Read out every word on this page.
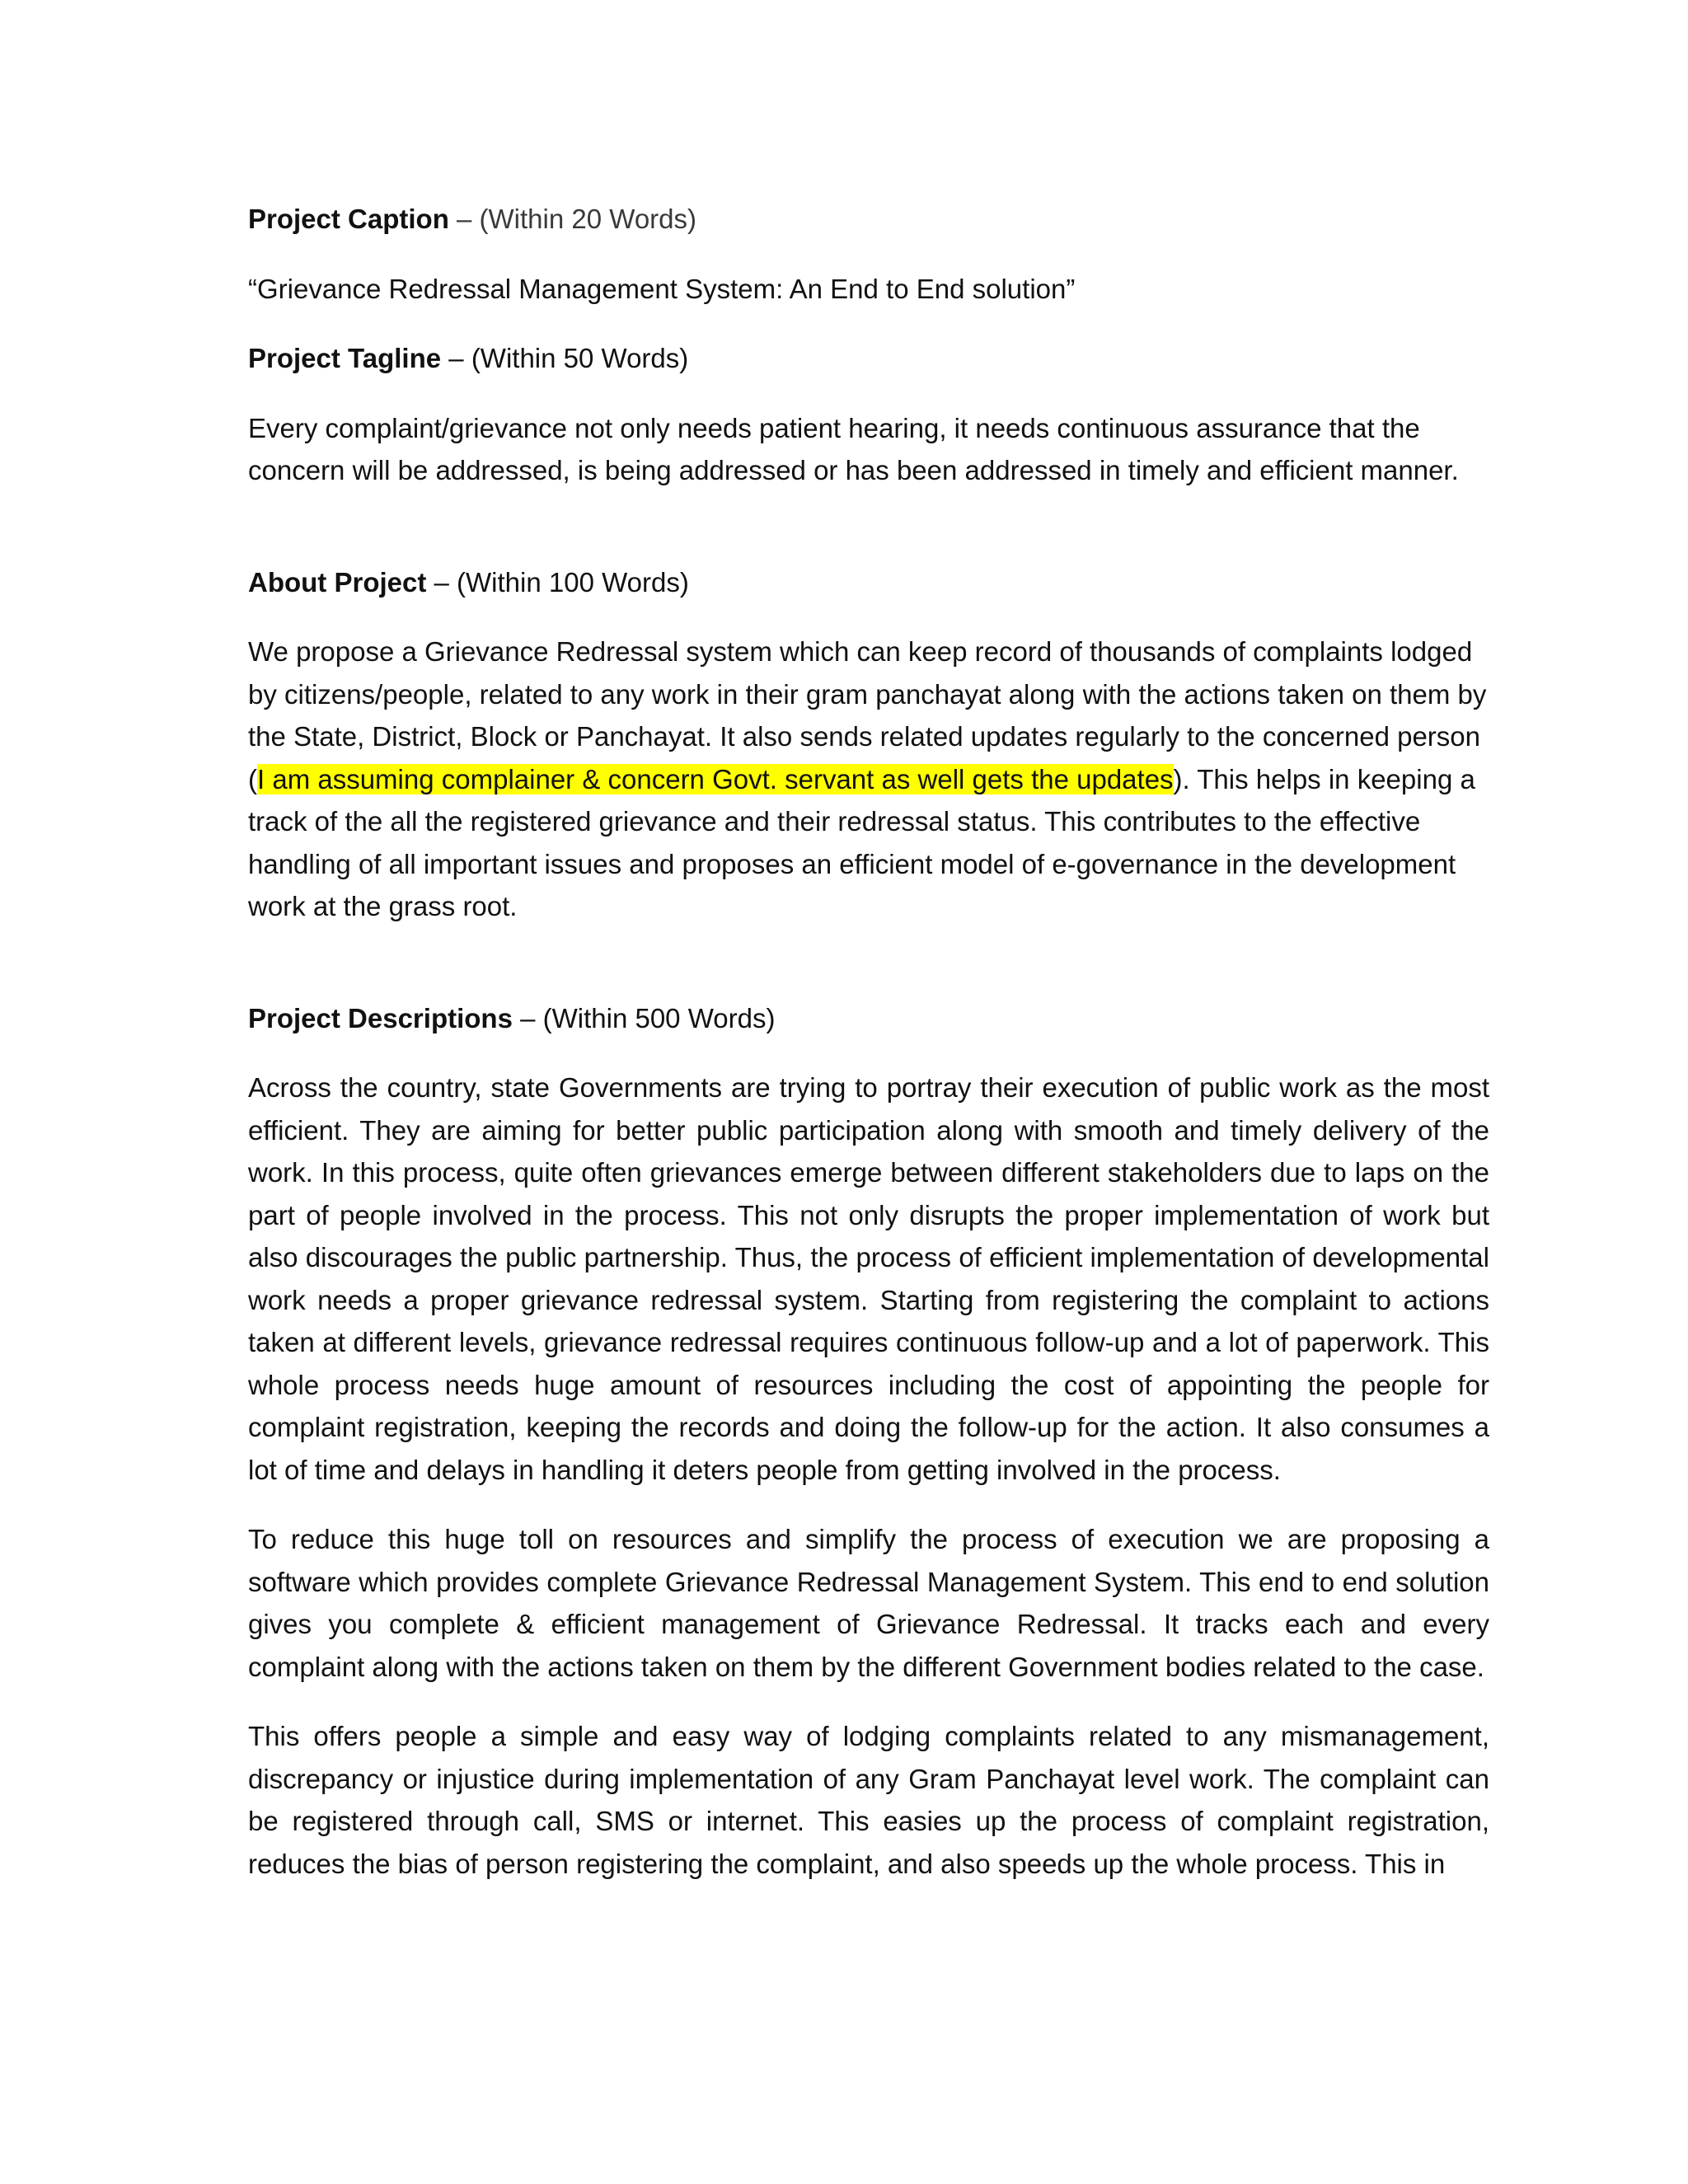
Project Caption – (Within 20 Words)

“Grievance Redressal Management System: An End to End solution”

Project Tagline – (Within 50 Words)

Every complaint/grievance not only needs patient hearing, it needs continuous assurance that the concern will be addressed, is being addressed or has been addressed in timely and efficient manner.

About Project – (Within 100 Words)

We propose a Grievance Redressal system which can keep record of thousands of complaints lodged by citizens/people, related to any work in their gram panchayat along with the actions taken on them by the State, District, Block or Panchayat. It also sends related updates regularly to the concerned person (I am assuming complainer & concern Govt. servant as well gets the updates). This helps in keeping a track of the all the registered grievance and their redressal status. This contributes to the effective handling of all important issues and proposes an efficient model of e-governance in the development work at the grass root.

Project Descriptions – (Within 500 Words)

Across the country, state Governments are trying to portray their execution of public work as the most efficient. They are aiming for better public participation along with smooth and timely delivery of the work. In this process, quite often grievances emerge between different stakeholders due to laps on the part of people involved in the process. This not only disrupts the proper implementation of work but also discourages the public partnership. Thus, the process of efficient implementation of developmental work needs a proper grievance redressal system. Starting from registering the complaint to actions taken at different levels, grievance redressal requires continuous follow-up and a lot of paperwork. This whole process needs huge amount of resources including the cost of appointing the people for complaint registration, keeping the records and doing the follow-up for the action. It also consumes a lot of time and delays in handling it deters people from getting involved in the process.

To reduce this huge toll on resources and simplify the process of execution we are proposing a software which provides complete Grievance Redressal Management System. This end to end solution gives you complete & efficient management of Grievance Redressal. It tracks each and every complaint along with the actions taken on them by the different Government bodies related to the case.

This offers people a simple and easy way of lodging complaints related to any mismanagement, discrepancy or injustice during implementation of any Gram Panchayat level work. The complaint can be registered through call, SMS or internet. This easies up the process of complaint registration, reduces the bias of person registering the complaint, and also speeds up the whole process. This in
